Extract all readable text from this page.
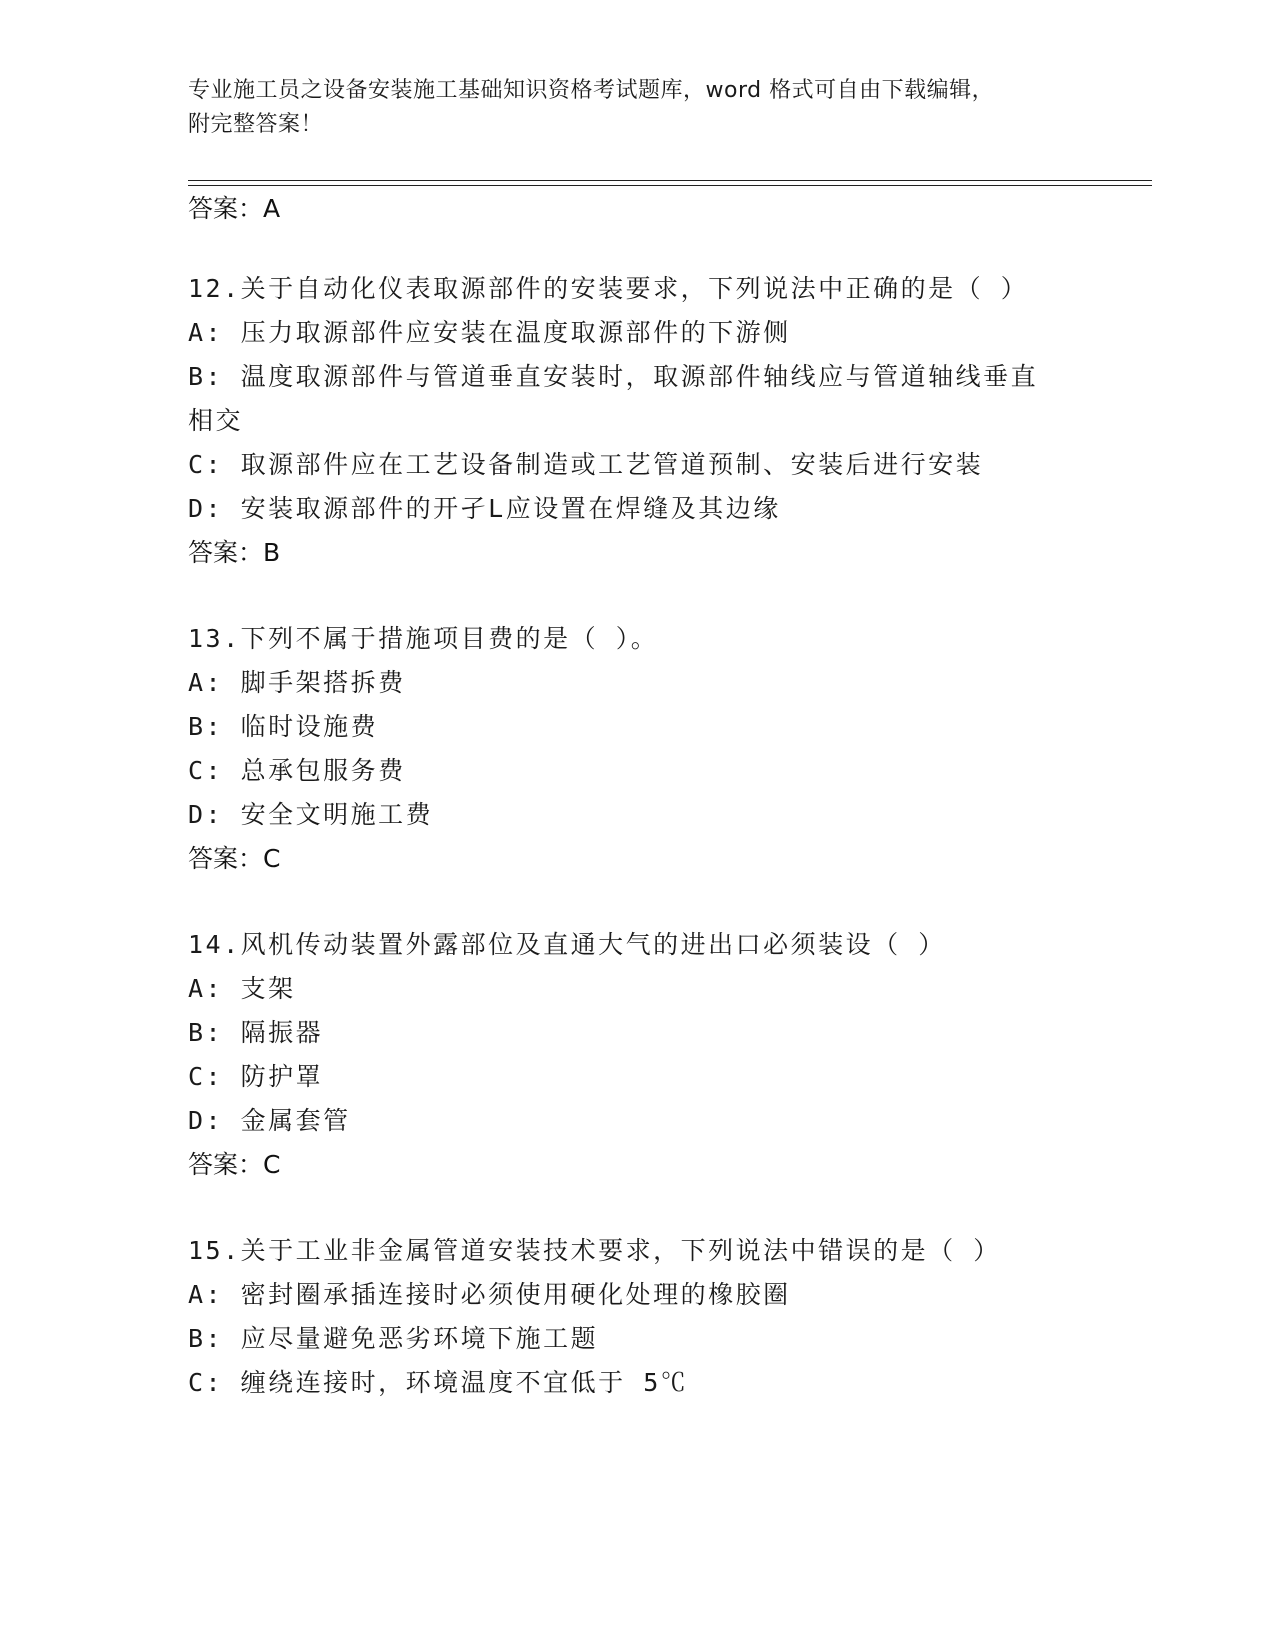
专业施工员之设备安装施工基础知识资格考试题库，word 格式可自由下载编辑，
附完整答案！
答案：A
12.关于自动化仪表取源部件的安装要求，下列说法中正确的是（ ）
A: 压力取源部件应安装在温度取源部件的下游侧
B: 温度取源部件与管道垂直安装时，取源部件轴线应与管道轴线垂直
相交
C: 取源部件应在工艺设备制造或工艺管道预制、安装后进行安装
D: 安装取源部件的开孑L应设置在焊缝及其边缘
答案：B
13.下列不属于措施项目费的是（ ）。
A: 脚手架搭拆费
B: 临时设施费
C: 总承包服务费
D: 安全文明施工费
答案：C
14.风机传动装置外露部位及直通大气的进出口必须装设（ ）
A: 支架
B: 隔振器
C: 防护罩
D: 金属套管
答案：C
15.关于工业非金属管道安装技术要求，下列说法中错误的是（ ）
A: 密封圈承插连接时必须使用硬化处理的橡胶圈
B: 应尽量避免恶劣环境下施工题
C: 缠绕连接时，环境温度不宜低于 5℃
